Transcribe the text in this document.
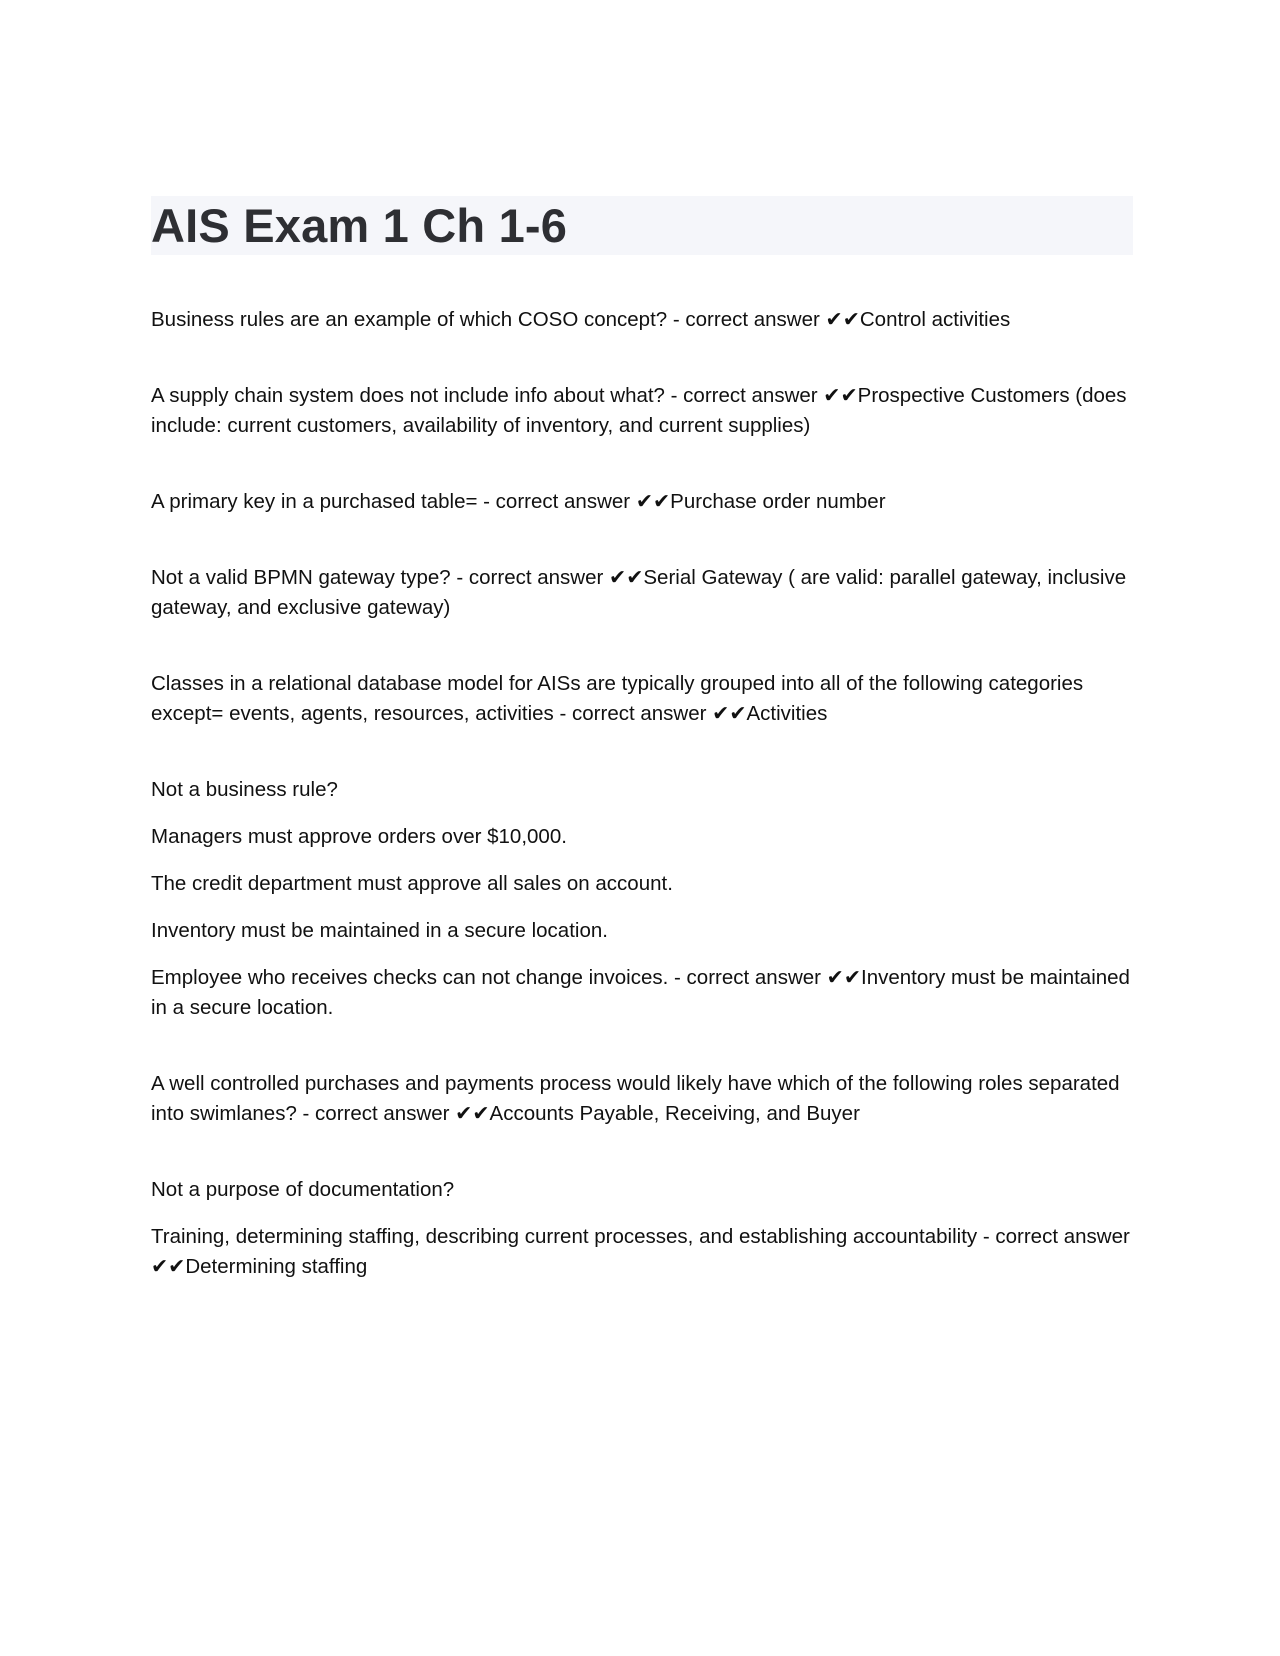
AIS Exam 1 Ch 1-6

Business rules are an example of which COSO concept? - correct answer ✔✔Control activities

A supply chain system does not include info about what? - correct answer ✔✔Prospective Customers (does include: current customers, availability of inventory, and current supplies)

A primary key in a purchased table= - correct answer ✔✔Purchase order number

Not a valid BPMN gateway type? - correct answer ✔✔Serial Gateway ( are valid: parallel gateway, inclusive gateway, and exclusive gateway)

Classes in a relational database model for AISs are typically grouped into all of the following categories except= events, agents, resources, activities - correct answer ✔✔Activities

Not a business rule?

Managers must approve orders over $10,000.

The credit department must approve all sales on account.

Inventory must be maintained in a secure location.

Employee who receives checks can not change invoices. - correct answer ✔✔Inventory must be maintained in a secure location.

A well controlled purchases and payments process would likely have which of the following roles separated into swimlanes? - correct answer ✔✔Accounts Payable, Receiving, and Buyer

Not a purpose of documentation?

Training, determining staffing, describing current processes, and establishing accountability - correct answer ✔✔Determining staffing
